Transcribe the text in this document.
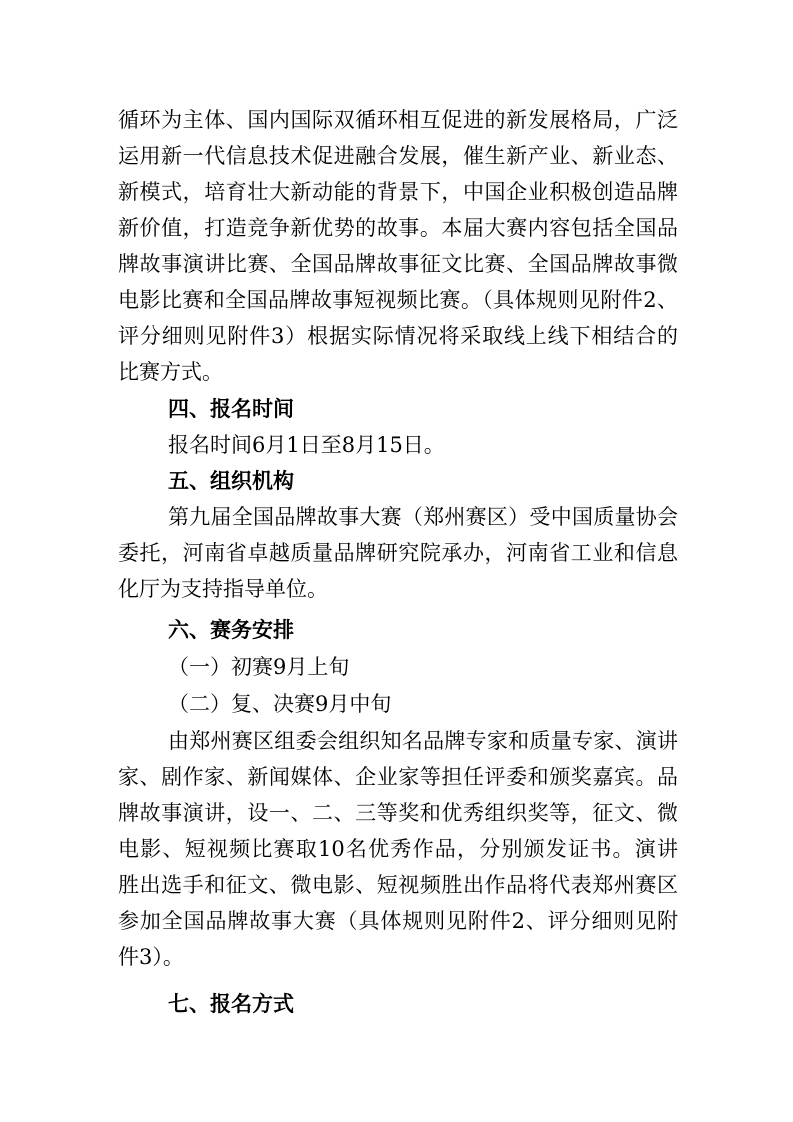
循环为主体、国内国际双循环相互促进的新发展格局，广泛
运用新一代信息技术促进融合发展，催生新产业、新业态、
新模式，培育壮大新动能的背景下，中国企业积极创造品牌
新价值，打造竞争新优势的故事。本届大赛内容包括全国品
牌故事演讲比赛、全国品牌故事征文比赛、全国品牌故事微
电影比赛和全国品牌故事短视频比赛。（具体规则见附件2、
评分细则见附件3）根据实际情况将采取线上线下相结合的
比赛方式。
四、报名时间
报名时间6月1日至8月15日。
五、组织机构
第九届全国品牌故事大赛（郑州赛区）受中国质量协会
委托，河南省卓越质量品牌研究院承办，河南省工业和信息
化厅为支持指导单位。
六、赛务安排
（一）初赛9月上旬
（二）复、决赛9月中旬
由郑州赛区组委会组织知名品牌专家和质量专家、演讲
家、剧作家、新闻媒体、企业家等担任评委和颁奖嘉宾。品
牌故事演讲，设一、二、三等奖和优秀组织奖等，征文、微
电影、短视频比赛取10名优秀作品，分别颁发证书。演讲
胜出选手和征文、微电影、短视频胜出作品将代表郑州赛区
参加全国品牌故事大赛（具体规则见附件2、评分细则见附
件3）。
七、报名方式
